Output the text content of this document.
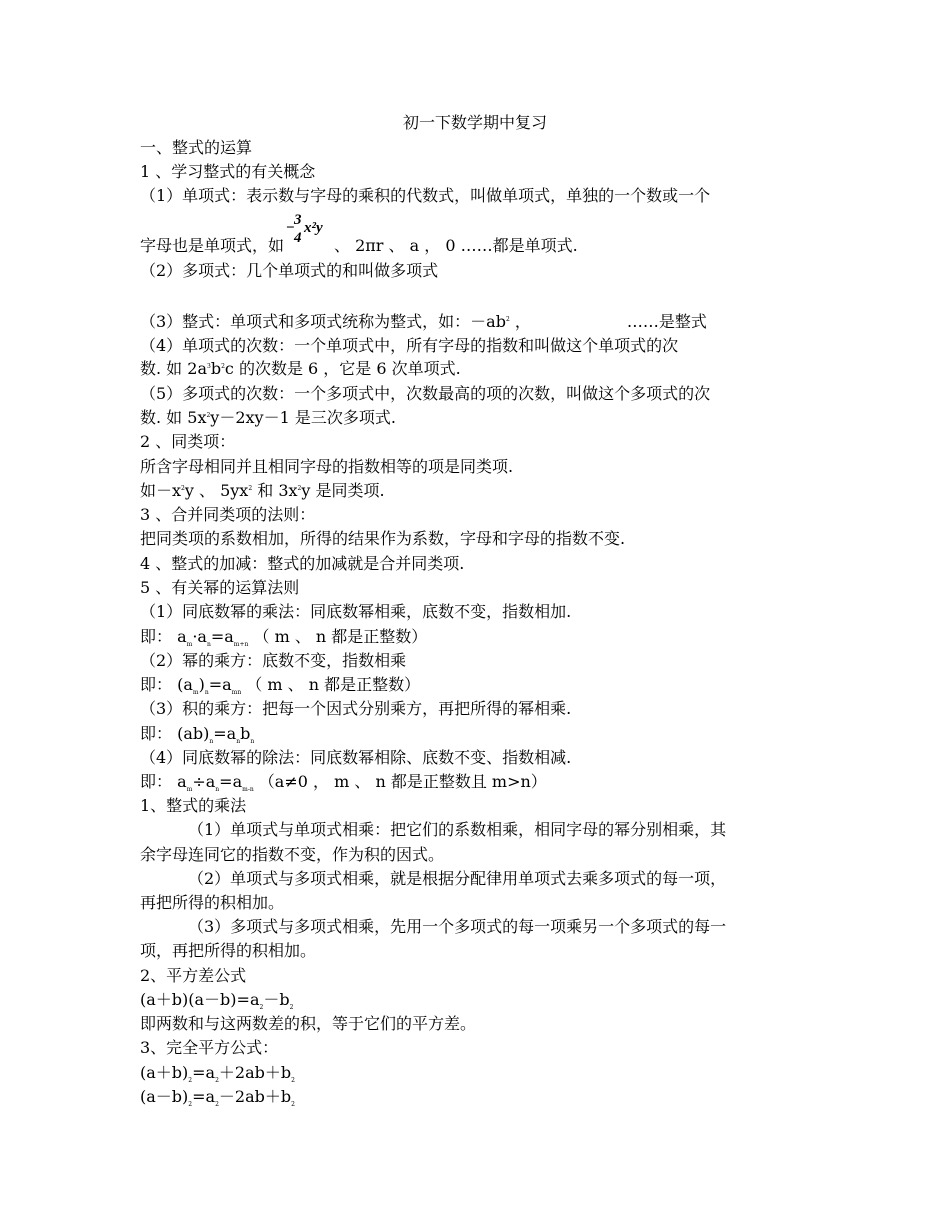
初一下数学期中复习
一、整式的运算
1 、学习整式的有关概念
（1）单项式：表示数与字母的乘积的代数式，叫做单项式，单独的一个数或一个
字母也是单项式，如	、 2πr 、 a ， 0 ……都是单项式.
− 3
4
x²y
（2）多项式：几个单项式的和叫做多项式
（3）整式：单项式和多项式统称为整式，如：$-ab^2$ ，	……是整式
（4）单项式的次数：一个单项式中，所有字母的指数和叫做这个单项式的次
数. 如 $2a^3b^2c$ 的次数是 6 ，它是 6 次单项式.
（5）多项式的次数：一个多项式中，次数最高的项的次数，叫做这个多项式的次
数. 如 $5x^2y-2xy-1$ 是三次多项式.
2 、同类项：
所含字母相同并且相同字母的指数相等的项是同类项.
如$-x^2y$ 、 $5yx^2$ 和 $3x^2y$ 是同类项.
3 、合并同类项的法则：
把同类项的系数相加，所得的结果作为系数，字母和字母的指数不变.
4 、整式的加减：整式的加减就是合并同类项.
5 、有关幂的运算法则
（1）同底数幂的乘法：同底数幂相乘，底数不变，指数相加.
即： $a_m\cdot a_n=a_{m+n}$ （ m 、 n 都是正整数）
（2）幂的乘方：底数不变，指数相乘
即： $(a_m)_n=a_{mn}$ （ m 、 n 都是正整数）
（3）积的乘方：把每一个因式分别乘方，再把所得的幂相乘.
即： $(ab)_n=a_nb_n$
（4）同底数幂的除法：同底数幂相除、底数不变、指数相减.
即： $a_m\div a_n=a_{m-n}$ （a≠0 ， m 、 n 都是正整数且 m>n）
1、整式的乘法
（1）单项式与单项式相乘：把它们的系数相乘，相同字母的幂分别相乘，其
余字母连同它的指数不变，作为积的因式。
（2）单项式与多项式相乘，就是根据分配律用单项式去乘多项式的每一项，
再把所得的积相加。
（3）多项式与多项式相乘，先用一个多项式的每一项乘另一个多项式的每一
项，再把所得的积相加。
2、平方差公式
$(a+b)(a-b)=a_2-b_2$
即两数和与这两数差的积，等于它们的平方差。
3、完全平方公式：
$(a+b)_2=a_2+2ab+b_2$
$(a-b)_2=a_2-2ab+b_2$
